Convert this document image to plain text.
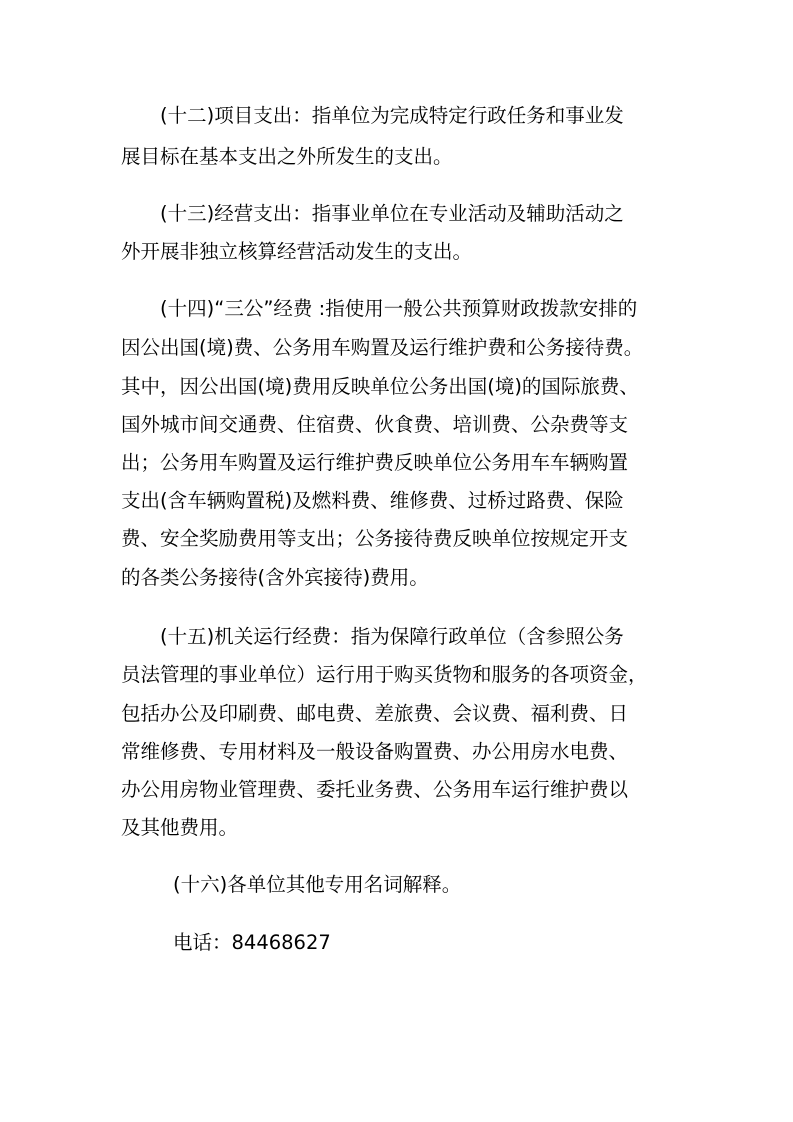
(十二)项目支出：指单位为完成特定行政任务和事业发
展目标在基本支出之外所发生的支出。
(十三)经营支出：指事业单位在专业活动及辅助活动之
外开展非独立核算经营活动发生的支出。
(十四)“三公”经费 :指使用一般公共预算财政拨款安排的
因公出国(境)费、公务用车购置及运行维护费和公务接待费。
其中，因公出国(境)费用反映单位公务出国(境)的国际旅费、
国外城市间交通费、住宿费、伙食费、培训费、公杂费等支
出；公务用车购置及运行维护费反映单位公务用车车辆购置
支出(含车辆购置税)及燃料费、维修费、过桥过路费、保险
费、安全奖励费用等支出；公务接待费反映单位按规定开支
的各类公务接待(含外宾接待)费用。
(十五)机关运行经费：指为保障行政单位（含参照公务
员法管理的事业单位）运行用于购买货物和服务的各项资金，
包括办公及印刷费、邮电费、差旅费、会议费、福利费、日
常维修费、专用材料及一般设备购置费、办公用房水电费、
办公用房物业管理费、委托业务费、公务用车运行维护费以
及其他费用。
(十六)各单位其他专用名词解释。
电话：84468627
